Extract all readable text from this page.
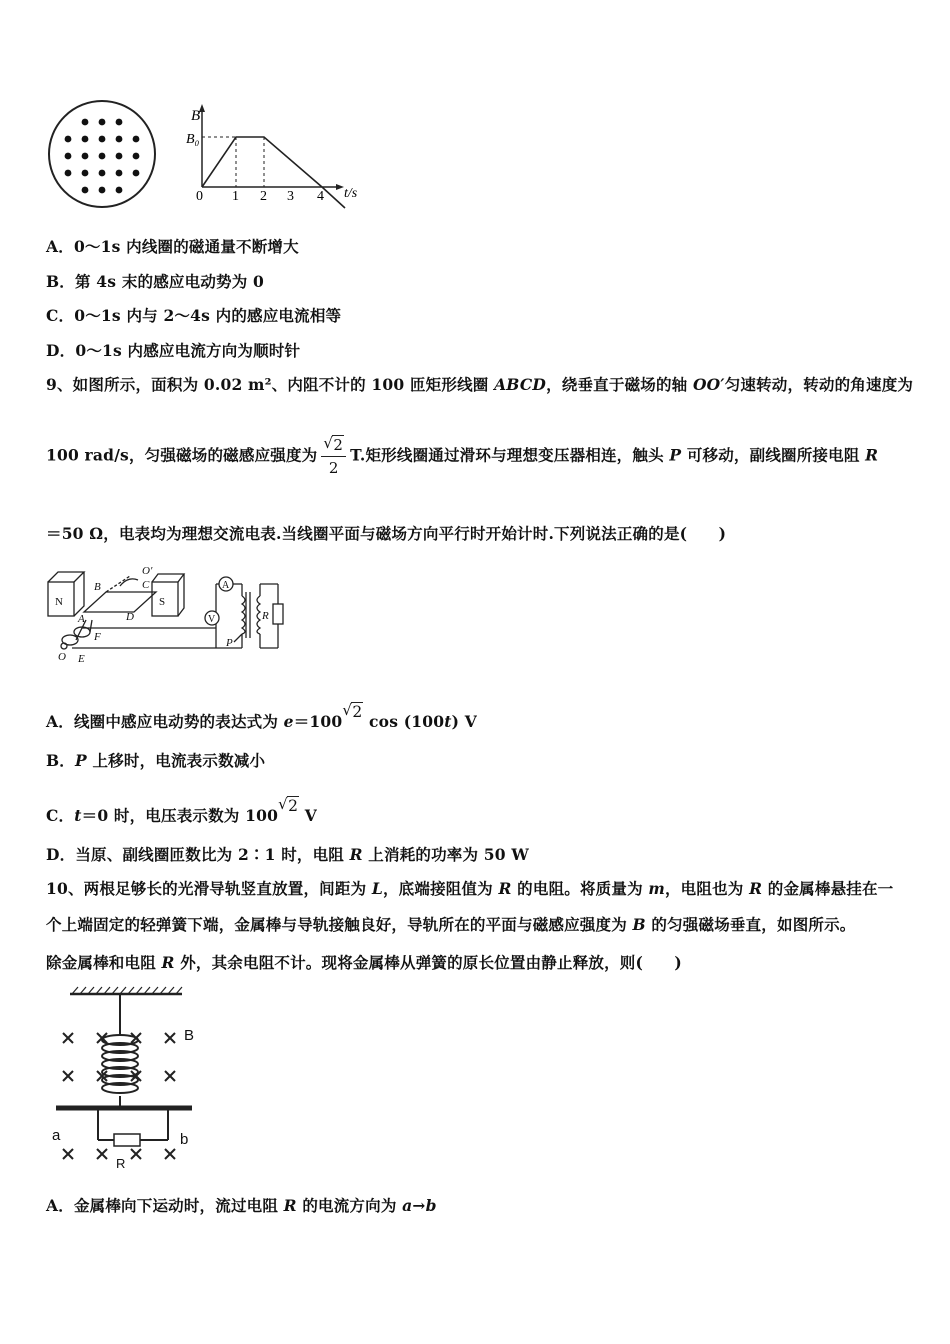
B
B₀
0 1 2 3 4 t/s
A．0～1s 内线圈的磁通量不断增大
B．第 4s 末的感应电动势为 0
C．0～1s 内与 2～4s 内的感应电流相等
D．0～1s 内感应电流方向为顺时针
9、如图所示，面积为 0.02 m²、内阻不计的 100 匝矩形线圈 ABCD，绕垂直于磁场的轴 OO′匀速转动，转动的角速度为
100 rad/s，匀强磁场的磁感应强度为 $\frac{√ 2}{2} T$.矩形线圈通过滑环与理想变压器相连，触头 P 可移动，副线圈所接电阻 R
＝50 Ω，电表均为理想交流电表.当线圈平面与磁场方向平行时开始计时.下列说法正确的是(　　)
N	S
B	C
O′
D
A
F
O E
A
V
P
R
A．线圈中感应电动势的表达式为 e＝100
√ 2 cos (100t) V
B．P 上移时，电流表示数减小
C．t＝0 时，电压表示数为 100
√ 2 V
D．当原、副线圈匝数比为 2∶1 时，电阻 R 上消耗的功率为 50 W
10、两根足够长的光滑导轨竖直放置，间距为 L，底端接阻值为 R 的电阻。将质量为 m，电阻也为 R 的金属棒悬挂在一
个上端固定的轻弹簧下端，金属棒与导轨接触良好，导轨所在的平面与磁感应强度为 B 的匀强磁场垂直，如图所示。
除金属棒和电阻 R 外，其余电阻不计。现将金属棒从弹簧的原长位置由静止释放，则(　　)
B
a	b
R
A．金属棒向下运动时，流过电阻 R 的电流方向为 a→b
